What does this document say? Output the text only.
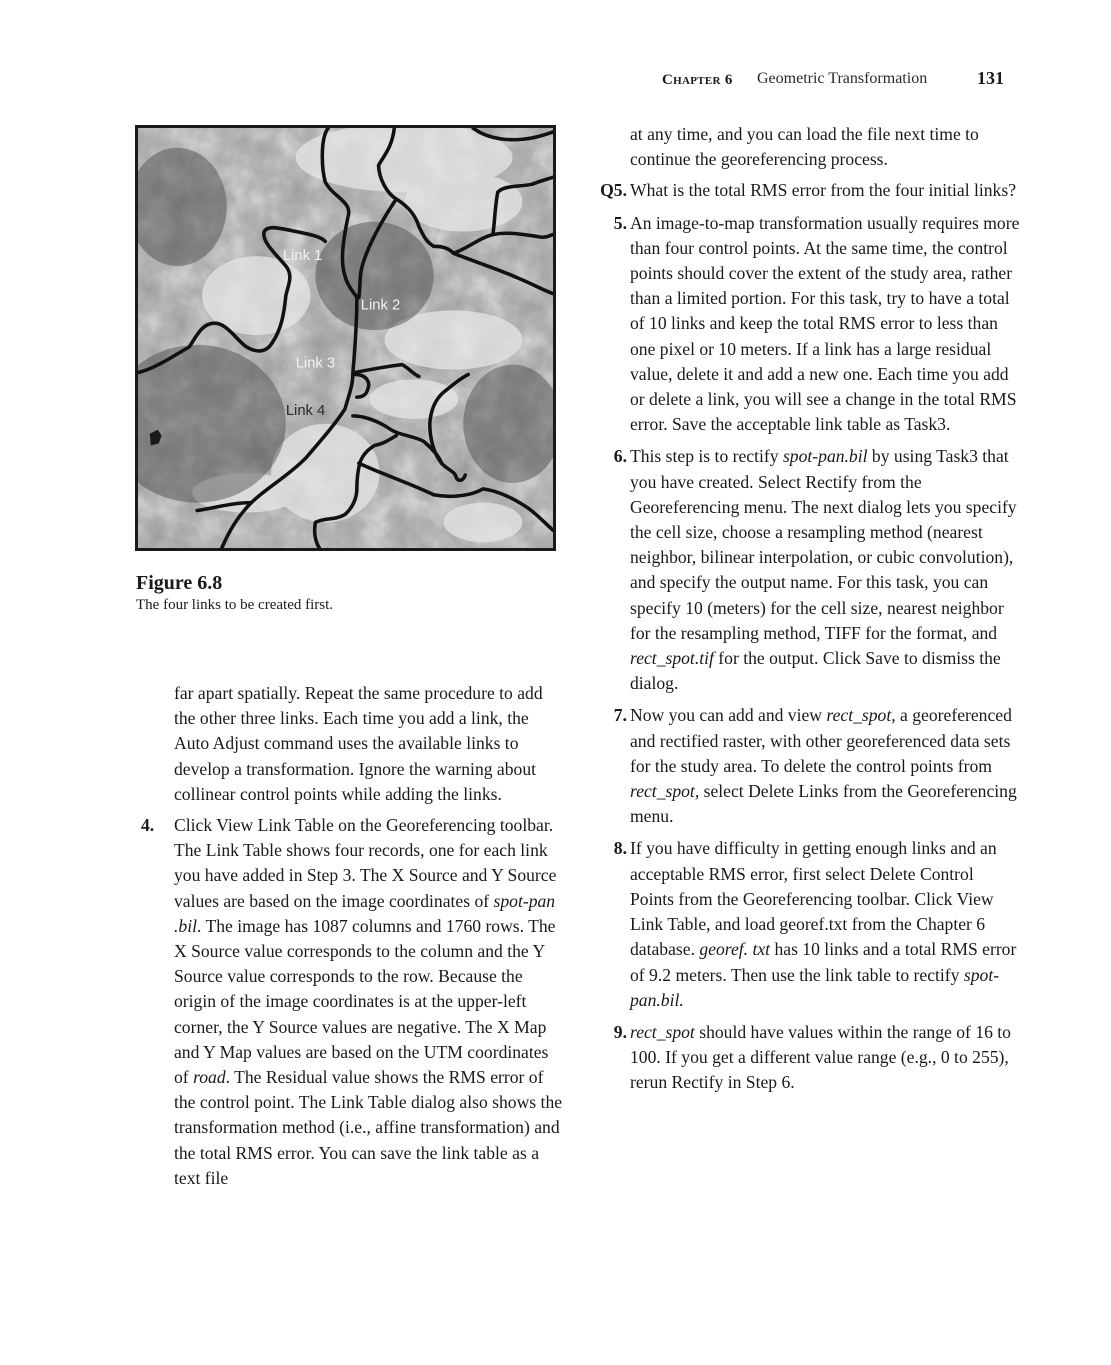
Chapter 6 Geometric Transformation	131
Link 1
Link 2
Link 3
Link 4
Figure 6.8
The four links to be created first.

far apart spatially. Repeat the same procedure to add the other three links. Each time you add a link, the Auto Adjust command uses the available links to develop a transformation. Ignore the warning about collinear control points while adding the links.

4.	Click View Link Table on the Georeferencing toolbar. The Link Table shows four records, one for each link you have added in Step 3. The X Source and Y Source values are based on the image coordinates of spot-pan .bil. The image has 1087 columns and 1760 rows. The X Source value corresponds to the column and the Y Source value corresponds to the row. Because the origin of the image coordinates is at the upper-left corner, the Y Source values are negative. The X Map and Y Map values are based on the UTM coordinates of road. The Residual value shows the RMS error of the control point. The Link Table dialog also shows the transformation method (i.e., affine transformation) and the total RMS error. You can save the link table as a text file

at any time, and you can load the file next time to continue the georeferencing process.

Q5. What is the total RMS error from the four initial links?

5. An image-to-map transformation usually requires more than four control points. At the same time, the control points should cover the extent of the study area, rather than a limited portion. For this task, try to have a total of 10 links and keep the total RMS error to less than one pixel or 10 meters. If a link has a large residual value, delete it and add a new one. Each time you add or delete a link, you will see a change in the total RMS error. Save the acceptable link table as Task3.

6. This step is to rectify spot-pan.bil by using Task3 that you have created. Select Rectify from the Georeferencing menu. The next dialog lets you specify the cell size, choose a resampling method (nearest neighbor, bilinear interpolation, or cubic convolution), and specify the output name. For this task, you can specify 10 (meters) for the cell size, nearest neighbor for the resampling method, TIFF for the format, and rect_spot.tif for the output. Click Save to dismiss the dialog.

7. Now you can add and view rect_spot, a georeferenced and rectified raster, with other georeferenced data sets for the study area. To delete the control points from rect_spot, select Delete Links from the Georeferencing menu.

8. If you have difficulty in getting enough links and an acceptable RMS error, first select Delete Control Points from the Georeferencing toolbar. Click View Link Table, and load georef.txt from the Chapter 6 database. georef. txt has 10 links and a total RMS error of 9.2 meters. Then use the link table to rectify spot-pan.bil.

9. rect_spot should have values within the range of 16 to 100. If you get a different value range (e.g., 0 to 255), rerun Rectify in Step 6.
